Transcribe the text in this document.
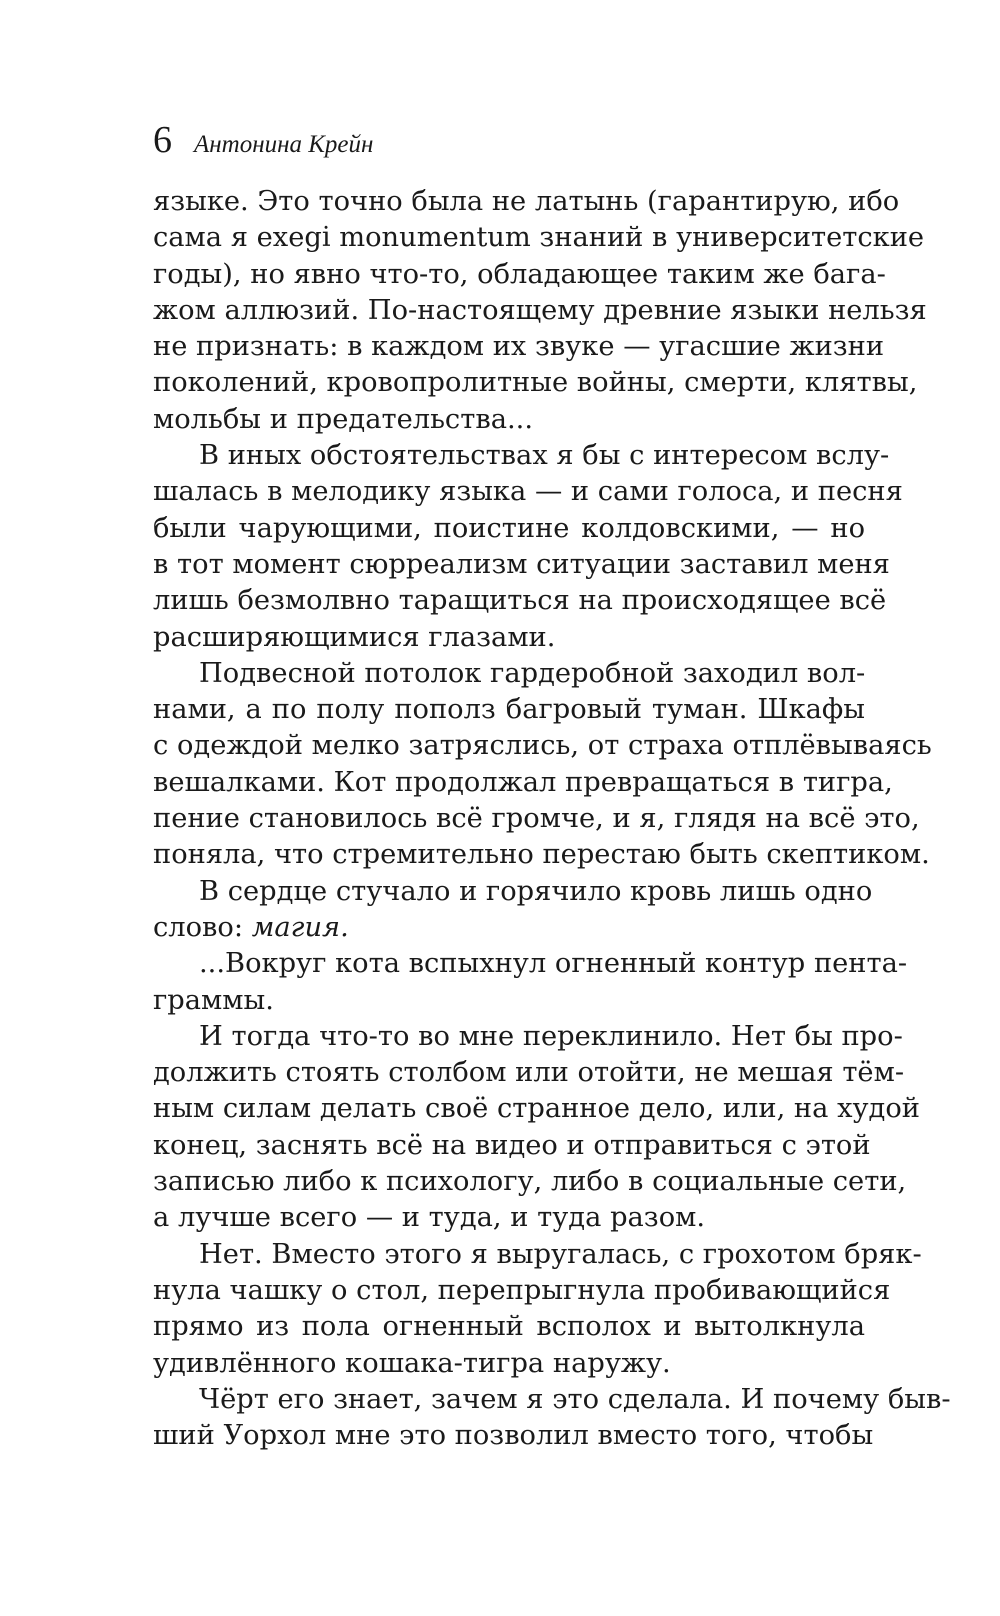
6 Антонина Крейн
языке. Это точно была не латынь (гарантирую, ибо
сама я exegi monumentum знаний в университетские
годы), но явно что-то, обладающее таким же бага-
жом аллюзий. По-настоящему древние языки нельзя
не признать: в каждом их звуке — угасшие жизни
поколений, кровопролитные войны, смерти, клятвы,
мольбы и предательства...
В иных обстоятельствах я бы с интересом вслу-
шалась в мелодику языка — и сами голоса, и песня
были чарующими, поистине колдовскими, — но
в тот момент сюрреализм ситуации заставил меня
лишь безмолвно таращиться на происходящее всё
расширяющимися глазами.
Подвесной потолок гардеробной заходил вол-
нами, а по полу пополз багровый туман. Шкафы
с одеждой мелко затряслись, от страха отплёвываясь
вешалками. Кот продолжал превращаться в тигра,
пение становилось всё громче, и я, глядя на всё это,
поняла, что стремительно перестаю быть скептиком.
В сердце стучало и горячило кровь лишь одно
слово: магия.
...Вокруг кота вспыхнул огненный контур пента-
граммы.
И тогда что-то во мне переклинило. Нет бы про-
должить стоять столбом или отойти, не мешая тём-
ным силам делать своё странное дело, или, на худой
конец, заснять всё на видео и отправиться с этой
записью либо к психологу, либо в социальные сети,
а лучше всего — и туда, и туда разом.
Нет. Вместо этого я выругалась, с грохотом бряк-
нула чашку о стол, перепрыгнула пробивающийся
прямо из пола огненный всполох и вытолкнула
удивлённого кошака-тигра наружу.
Чёрт его знает, зачем я это сделала. И почему быв-
ший Уорхол мне это позволил вместо того, чтобы
